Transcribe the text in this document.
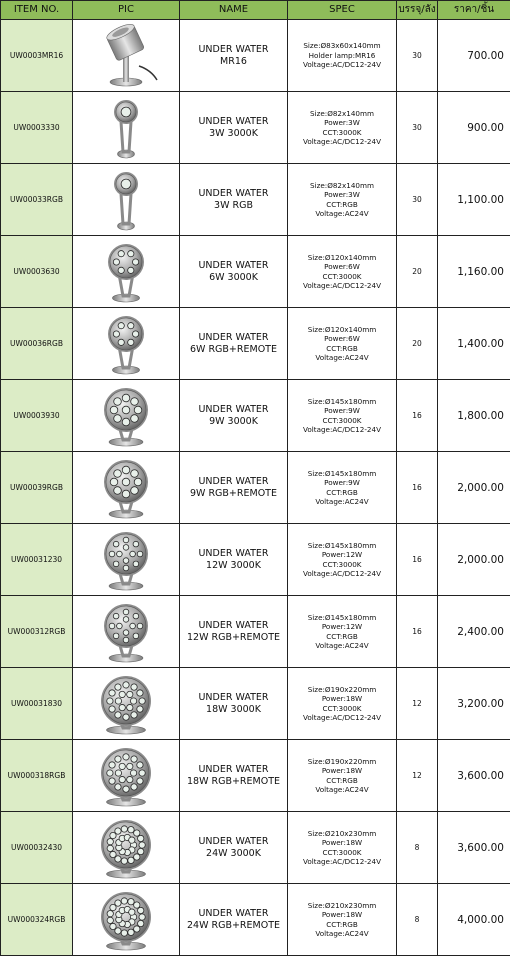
ITEM NO.	PIC	NAME	SPEC	บรรจุ/ลัง	ราคา/ชิ้น
UW0003MR16		UNDER WATER
MR16	Size:Ø83x60x140mm
Holder lamp:MR16
Voltage:AC/DC12-24V	30	700.00
UW0003330		UNDER WATER
3W 3000K	Size:Ø82x140mm
Power:3W
CCT:3000K
Voltage:AC/DC12-24V	30	900.00
UW00033RGB		UNDER WATER
3W RGB	Size:Ø82x140mm
Power:3W
CCT:RGB
Voltage:AC24V	30	1,100.00
UW0003630		UNDER WATER
6W 3000K	Size:Ø120x140mm
Power:6W
CCT:3000K
Voltage:AC/DC12-24V	20	1,160.00
UW00036RGB		UNDER WATER
6W RGB+REMOTE	Size:Ø120x140mm
Power:6W
CCT:RGB
Voltage:AC24V	20	1,400.00
UW0003930		UNDER WATER
9W 3000K	Size:Ø145x180mm
Power:9W
CCT:3000K
Voltage:AC/DC12-24V	16	1,800.00
UW00039RGB		UNDER WATER
9W RGB+REMOTE	Size:Ø145x180mm
Power:9W
CCT:RGB
Voltage:AC24V	16	2,000.00
UW00031230		UNDER WATER
12W 3000K	Size:Ø145x180mm
Power:12W
CCT:3000K
Voltage:AC/DC12-24V	16	2,000.00
UW000312RGB		UNDER WATER
12W RGB+REMOTE	Size:Ø145x180mm
Power:12W
CCT:RGB
Voltage:AC24V	16	2,400.00
UW00031830		UNDER WATER
18W 3000K	Size:Ø190x220mm
Power:18W
CCT:3000K
Voltage:AC/DC12-24V	12	3,200.00
UW000318RGB		UNDER WATER
18W RGB+REMOTE	Size:Ø190x220mm
Power:18W
CCT:RGB
Voltage:AC24V	12	3,600.00
UW00032430		UNDER WATER
24W 3000K	Size:Ø210x230mm
Power:18W
CCT:3000K
Voltage:AC/DC12-24V	8	3,600.00
UW000324RGB		UNDER WATER
24W RGB+REMOTE	Size:Ø210x230mm
Power:18W
CCT:RGB
Voltage:AC24V	8	4,000.00
